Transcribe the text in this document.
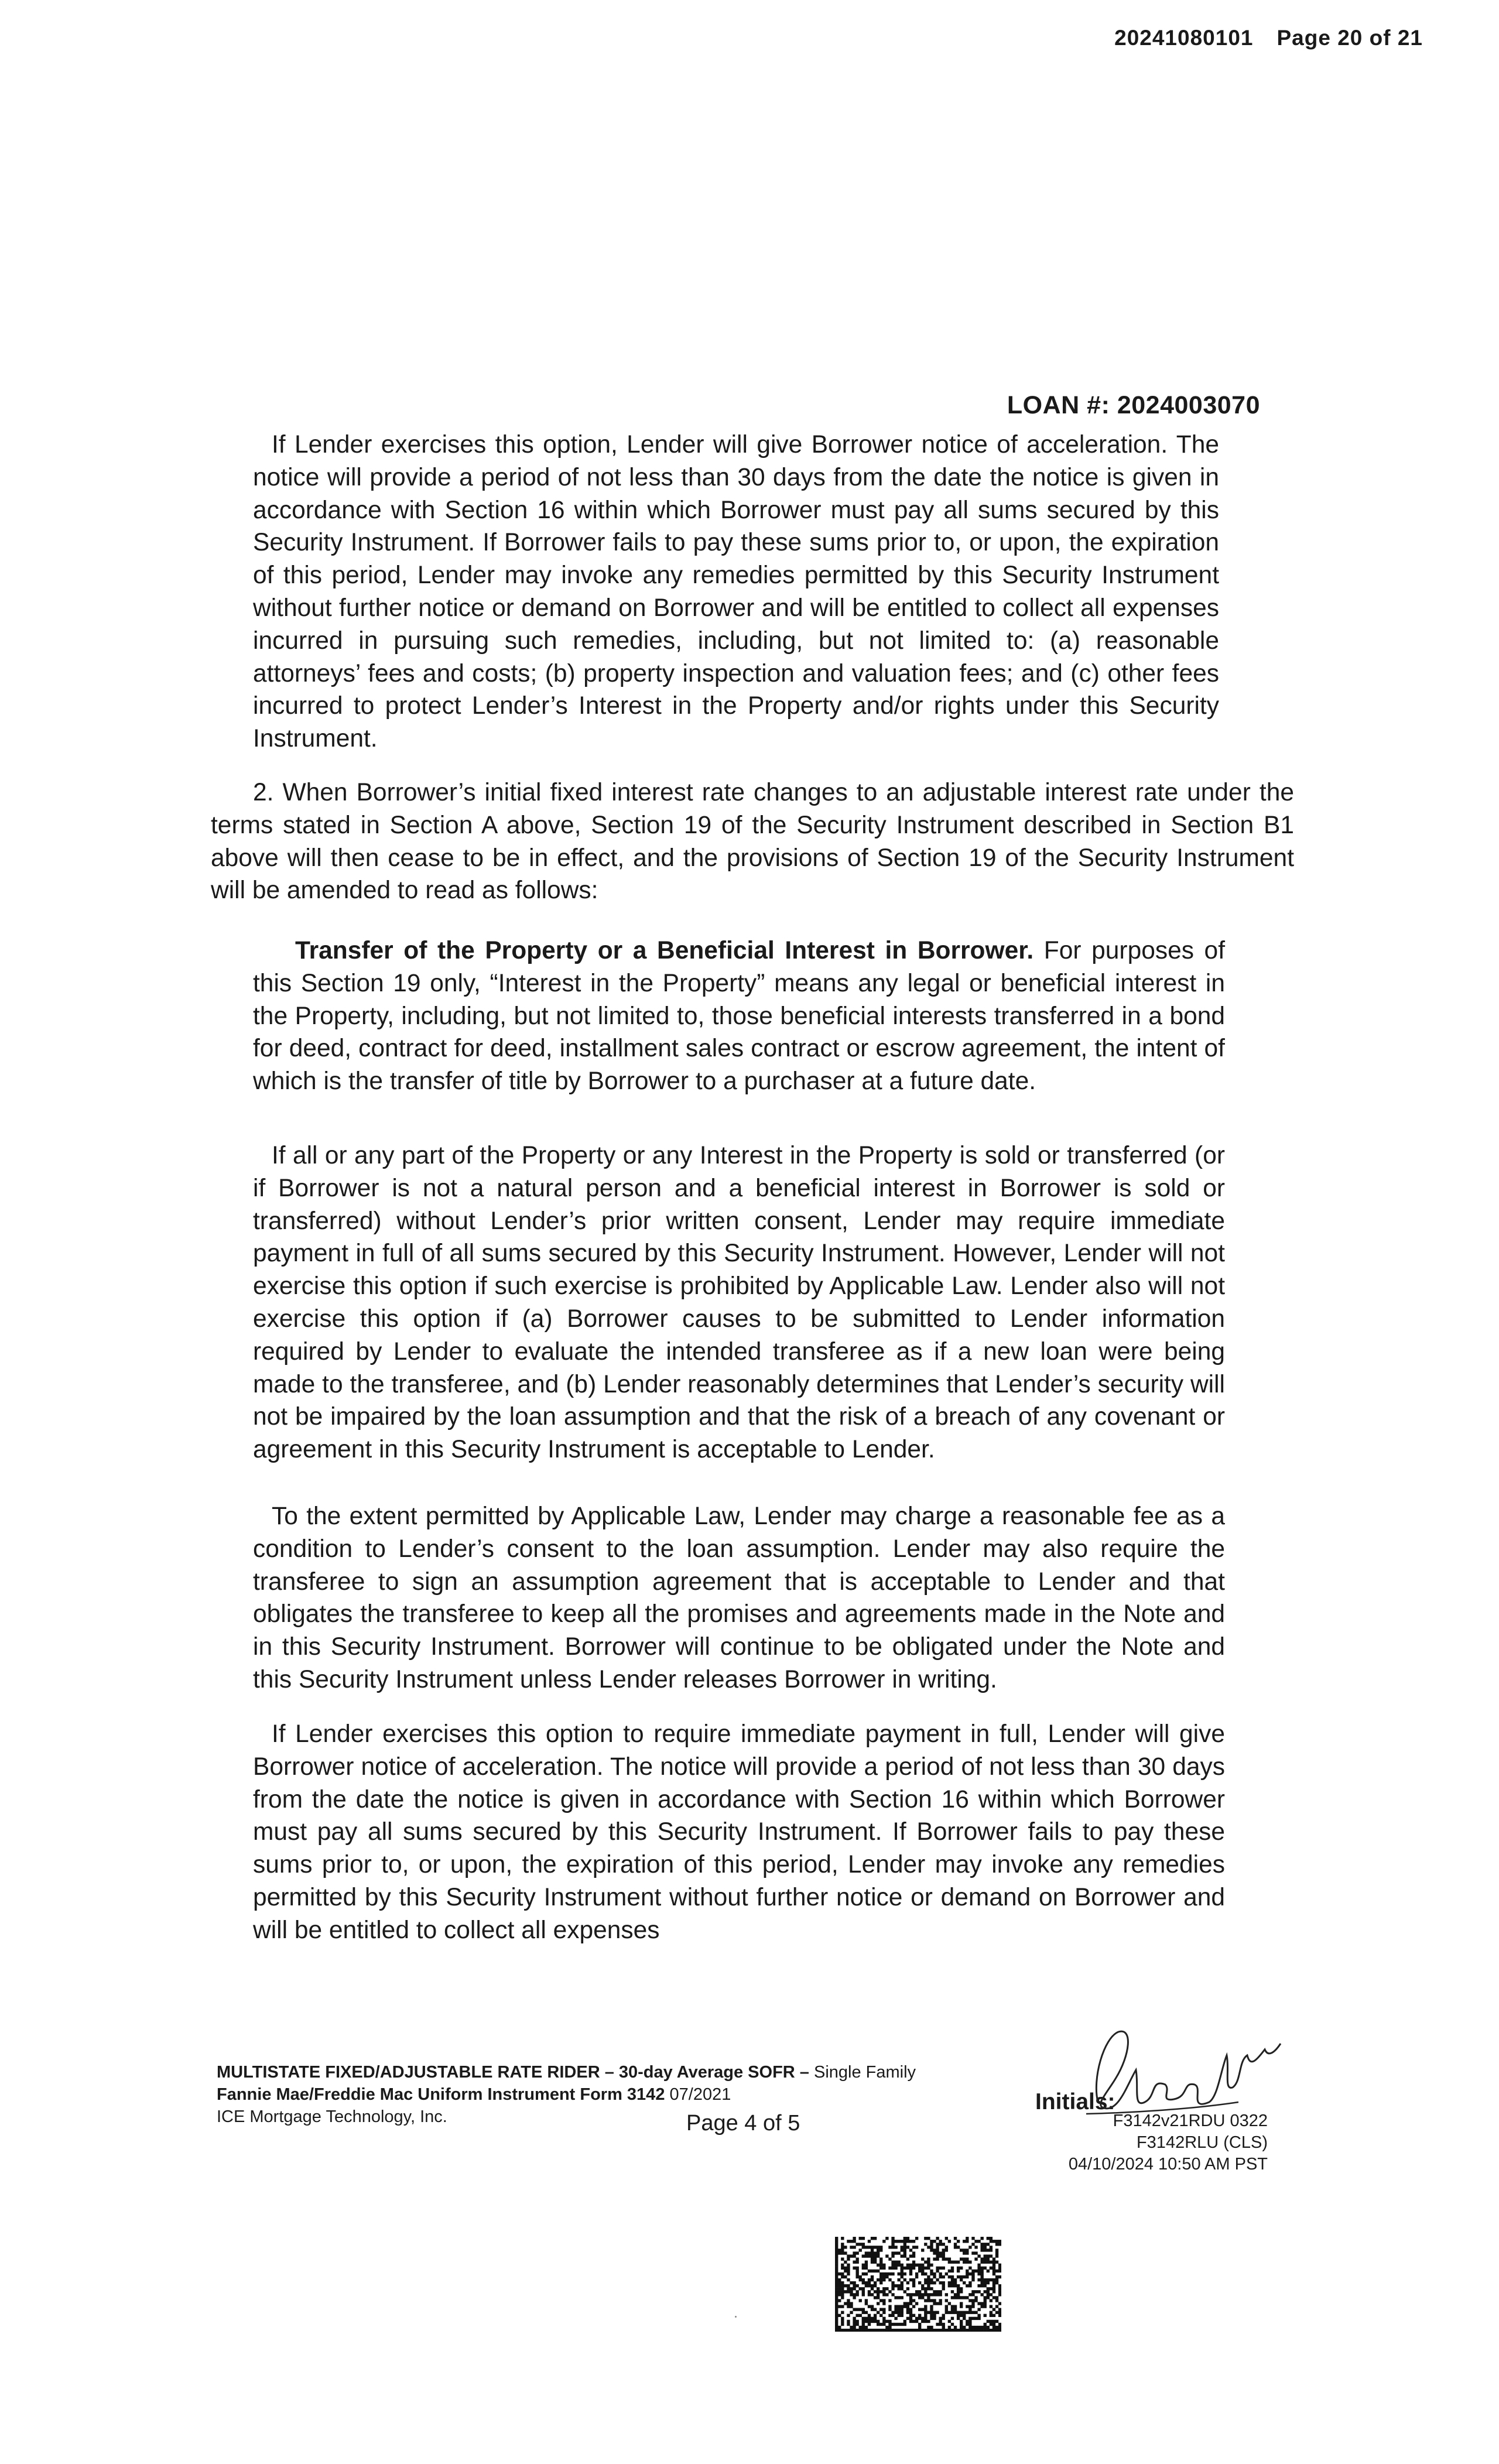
20241080101 Page 20 of 21
LOAN #: 2024003070

If Lender exercises this option, Lender will give Borrower notice of acceleration. The notice will provide a period of not less than 30 days from the date the notice is given in accordance with Section 16 within which Borrower must pay all sums secured by this Security Instrument. If Borrower fails to pay these sums prior to, or upon, the expiration of this period, Lender may invoke any remedies permitted by this Security Instrument without further notice or demand on Borrower and will be entitled to collect all expenses incurred in pursuing such remedies, including, but not limited to: (a) reasonable attorneys’ fees and costs; (b) property inspection and valuation fees; and (c) other fees incurred to protect Lender’s Interest in the Property and/or rights under this Security Instrument.

2. When Borrower’s initial fixed interest rate changes to an adjustable interest rate under the terms stated in Section A above, Section 19 of the Security Instrument described in Section B1 above will then cease to be in effect, and the provisions of Section 19 of the Security Instrument will be amended to read as follows:

Transfer of the Property or a Beneficial Interest in Borrower. For purposes of this Section 19 only, “Interest in the Property” means any legal or beneficial interest in the Property, including, but not limited to, those beneficial interests transferred in a bond for deed, contract for deed, installment sales contract or escrow agreement, the intent of which is the transfer of title by Borrower to a purchaser at a future date.

If all or any part of the Property or any Interest in the Property is sold or transferred (or if Borrower is not a natural person and a beneficial interest in Borrower is sold or transferred) without Lender’s prior written consent, Lender may require immediate payment in full of all sums secured by this Security Instrument. However, Lender will not exercise this option if such exercise is prohibited by Applicable Law. Lender also will not exercise this option if (a) Borrower causes to be submitted to Lender information required by Lender to evaluate the intended transferee as if a new loan were being made to the transferee, and (b) Lender reasonably determines that Lender’s security will not be impaired by the loan assumption and that the risk of a breach of any covenant or agreement in this Security Instrument is acceptable to Lender.

To the extent permitted by Applicable Law, Lender may charge a reasonable fee as a condition to Lender’s consent to the loan assumption. Lender may also require the transferee to sign an assumption agreement that is acceptable to Lender and that obligates the transferee to keep all the promises and agreements made in the Note and in this Security Instrument. Borrower will continue to be obligated under the Note and this Security Instrument unless Lender releases Borrower in writing.

If Lender exercises this option to require immediate payment in full, Lender will give Borrower notice of acceleration. The notice will provide a period of not less than 30 days from the date the notice is given in accordance with Section 16 within which Borrower must pay all sums secured by this Security Instrument. If Borrower fails to pay these sums prior to, or upon, the expiration of this period, Lender may invoke any remedies permitted by this Security Instrument without further notice or demand on Borrower and will be entitled to collect all expenses

MULTISTATE FIXED/ADJUSTABLE RATE RIDER – 30-day Average SOFR – Single Family
Fannie Mae/Freddie Mac Uniform Instrument Form 3142 07/2021
ICE Mortgage Technology, Inc.	Page 4 of 5
Initials:
F3142v21RDU 0322
F3142RLU (CLS)
04/10/2024 10:50 AM PST
